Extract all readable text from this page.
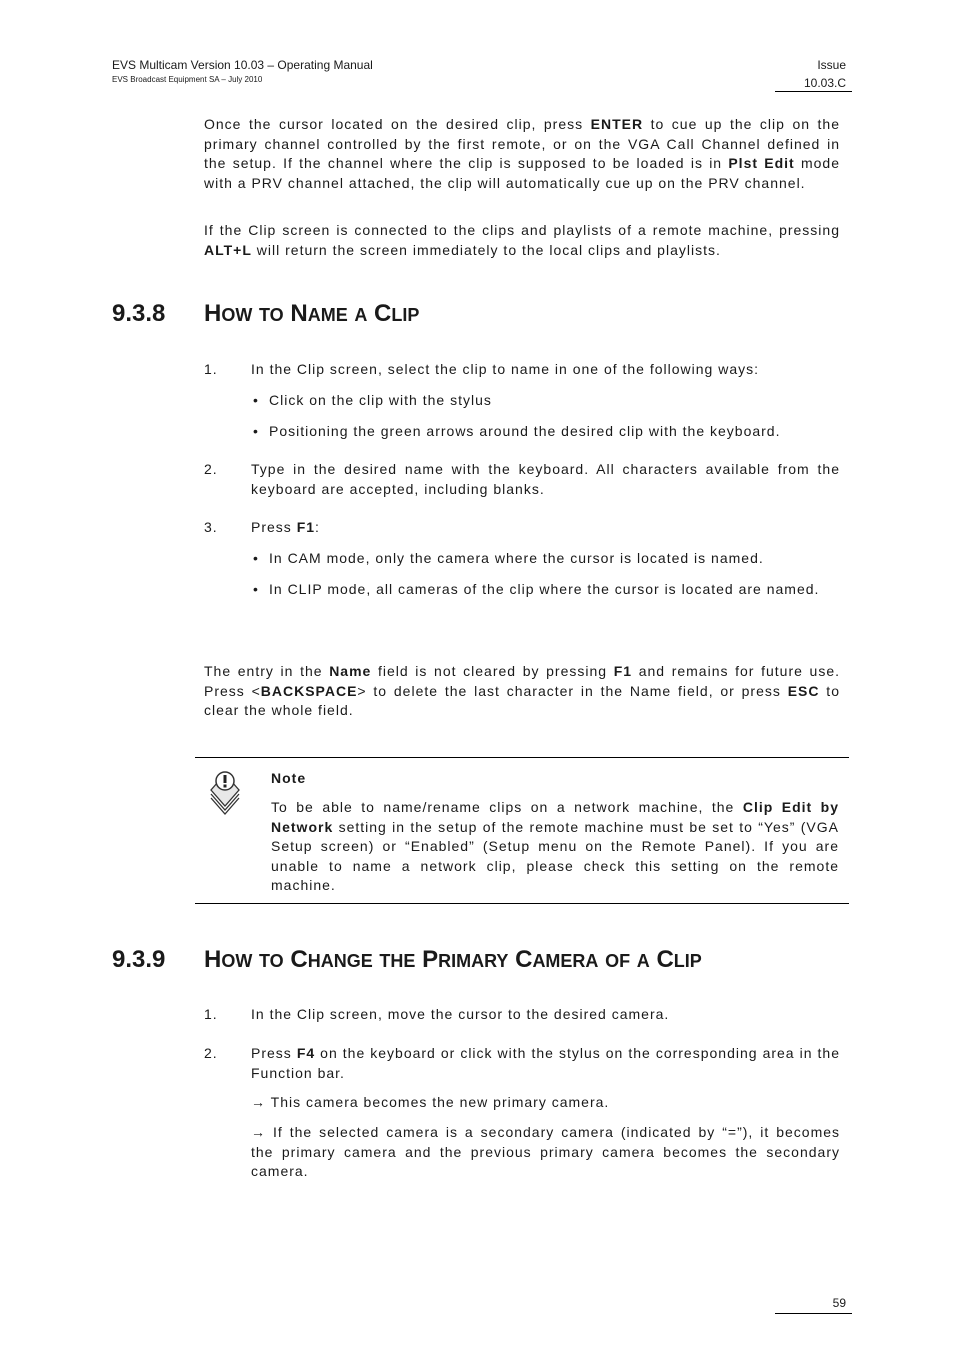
EVS Multicam Version 10.03 – Operating Manual
EVS Broadcast Equipment SA – July 2010
Issue
10.03.C
Once the cursor located on the desired clip, press ENTER to cue up the clip on the primary channel controlled by the first remote, or on the VGA Call Channel defined in the setup. If the channel where the clip is supposed to be loaded is in Plst Edit mode with a PRV channel attached, the clip will automatically cue up on the PRV channel.
If the Clip screen is connected to the clips and playlists of a remote machine, pressing ALT+L will return the screen immediately to the local clips and playlists.
9.3.8 HOW TO NAME A CLIP
1. In the Clip screen, select the clip to name in one of the following ways:
• Click on the clip with the stylus
• Positioning the green arrows around the desired clip with the keyboard.
2. Type in the desired name with the keyboard. All characters available from the keyboard are accepted, including blanks.
3. Press F1:
• In CAM mode, only the camera where the cursor is located is named.
• In CLIP mode, all cameras of the clip where the cursor is located are named.
The entry in the Name field is not cleared by pressing F1 and remains for future use. Press <BACKSPACE> to delete the last character in the Name field, or press ESC to clear the whole field.
Note
To be able to name/rename clips on a network machine, the Clip Edit by Network setting in the setup of the remote machine must be set to “Yes” (VGA Setup screen) or “Enabled” (Setup menu on the Remote Panel). If you are unable to name a network clip, please check this setting on the remote machine.
9.3.9 HOW TO CHANGE THE PRIMARY CAMERA OF A CLIP
1. In the Clip screen, move the cursor to the desired camera.
2. Press F4 on the keyboard or click with the stylus on the corresponding area in the Function bar.
→ This camera becomes the new primary camera.
→ If the selected camera is a secondary camera (indicated by “=”), it becomes the primary camera and the previous primary camera becomes the secondary camera.
59
